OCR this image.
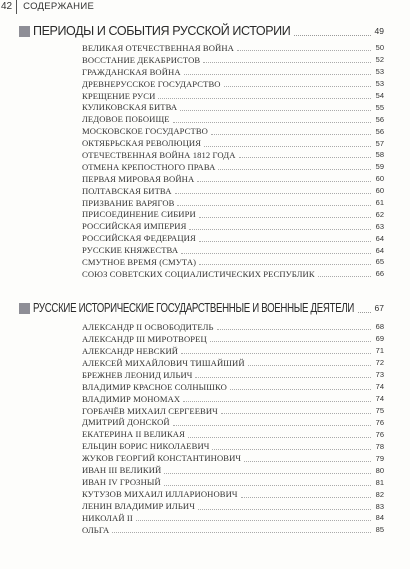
42	СОДЕРЖАНИЕ
ПЕРИОДЫ И СОБЫТИЯ РУССКОЙ ИСТОРИИ	49
ВЕЛИКАЯ ОТЕЧЕСТВЕННАЯ ВОЙНА	50
ВОССТАНИЕ ДЕКАБРИСТОВ	52
ГРАЖДАНСКАЯ ВОЙНА	53
ДРЕВНЕРУССКОЕ ГОСУДАРСТВО	53
КРЕЩЕНИЕ РУСИ	54
КУЛИКОВСКАЯ БИТВА	55
ЛЕДОВОЕ ПОБОИЩЕ	56
МОСКОВСКОЕ ГОСУДАРСТВО	56
ОКТЯБРЬСКАЯ РЕВОЛЮЦИЯ	57
ОТЕЧЕСТВЕННАЯ ВОЙНА 1812 ГОДА	58
ОТМЕНА КРЕПОСТНОГО ПРАВА	59
ПЕРВАЯ МИРОВАЯ ВОЙНА	60
ПОЛТАВСКАЯ БИТВА	60
ПРИЗВАНИЕ ВАРЯГОВ	61
ПРИСОЕДИНЕНИЕ СИБИРИ	62
РОССИЙСКАЯ ИМПЕРИЯ	63
РОССИЙСКАЯ ФЕДЕРАЦИЯ	64
РУССКИЕ КНЯЖЕСТВА	64
СМУТНОЕ ВРЕМЯ (СМУТА)	65
СОЮЗ СОВЕТСКИХ СОЦИАЛИСТИЧЕСКИХ РЕСПУБЛИК	66
РУССКИЕ ИСТОРИЧЕСКИЕ ГОСУДАРСТВЕННЫЕ И ВОЕННЫЕ ДЕЯТЕЛИ 67
АЛЕКСАНДР II ОСВОБОДИТЕЛЬ	68
АЛЕКСАНДР III МИРОТВОРЕЦ	69
АЛЕКСАНДР НЕВСКИЙ	71
АЛЕКСЕЙ МИХАЙЛОВИЧ ТИШАЙШИЙ	72
БРЕЖНЕВ ЛЕОНИД ИЛЬИЧ	73
ВЛАДИМИР КРАСНОЕ СОЛНЫШКО	74
ВЛАДИМИР МОНОМАХ	74
ГОРБАЧЁВ МИХАИЛ СЕРГЕЕВИЧ	75
ДМИТРИЙ ДОНСКОЙ	76
ЕКАТЕРИНА II ВЕЛИКАЯ	76
ЕЛЬЦИН БОРИС НИКОЛАЕВИЧ	78
ЖУКОВ ГЕОРГИЙ КОНСТАНТИНОВИЧ	79
ИВАН III ВЕЛИКИЙ	80
ИВАН IV ГРОЗНЫЙ	81
КУТУЗОВ МИХАИЛ ИЛЛАРИОНОВИЧ	82
ЛЕНИН ВЛАДИМИР ИЛЬИЧ	83
НИКОЛАЙ II	84
ОЛЬГА	85
